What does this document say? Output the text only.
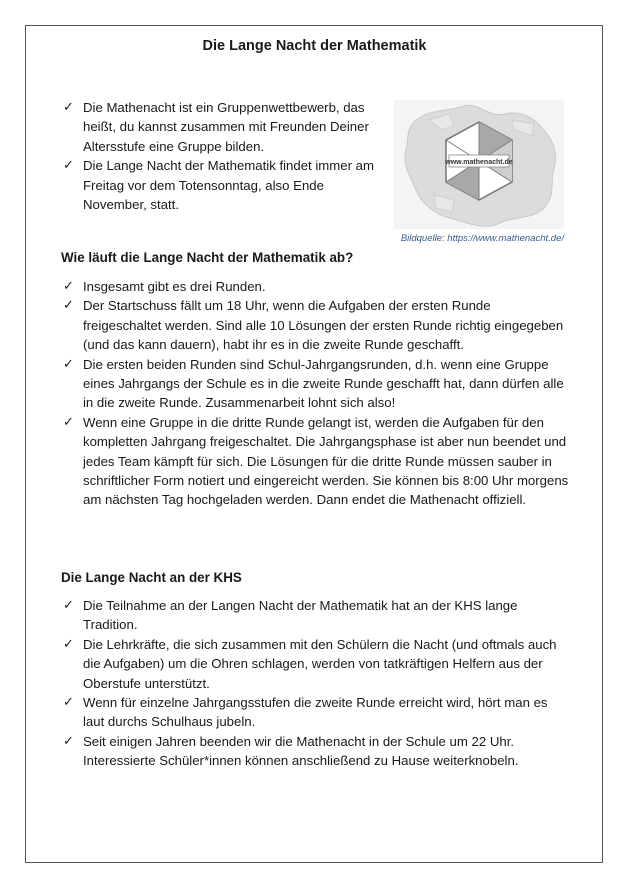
Die Lange Nacht der Mathematik
✓ Die Mathenacht ist ein Gruppenwettbewerb, das heißt, du kannst zusammen mit Freunden Deiner Altersstufe eine Gruppe bilden.
✓ Die Lange Nacht der Mathematik findet immer am Freitag vor dem Totensonntag, also Ende November, statt.
www.mathenacht.de
Bildquelle: https://www.mathenacht.de/
Wie läuft die Lange Nacht der Mathematik ab?
✓ Insgesamt gibt es drei Runden.
✓ Der Startschuss fällt um 18 Uhr, wenn die Aufgaben der ersten Runde freigeschaltet werden. Sind alle 10 Lösungen der ersten Runde richtig eingegeben (und das kann dauern), habt ihr es in die zweite Runde geschafft.
✓ Die ersten beiden Runden sind Schul-Jahrgangsrunden, d.h. wenn eine Gruppe eines Jahrgangs der Schule es in die zweite Runde geschafft hat, dann dürfen alle in die zweite Runde. Zusammenarbeit lohnt sich also!
✓ Wenn eine Gruppe in die dritte Runde gelangt ist, werden die Aufgaben für den kompletten Jahrgang freigeschaltet. Die Jahrgangsphase ist aber nun beendet und jedes Team kämpft für sich. Die Lösungen für die dritte Runde müssen sauber in schriftlicher Form notiert und eingereicht werden. Sie können bis 8:00 Uhr morgens am nächsten Tag hochgeladen werden. Dann endet die Mathenacht offiziell.
Die Lange Nacht an der KHS
✓ Die Teilnahme an der Langen Nacht der Mathematik hat an der KHS lange Tradition.
✓ Die Lehrkräfte, die sich zusammen mit den Schülern die Nacht (und oftmals auch die Aufgaben) um die Ohren schlagen, werden von tatkräftigen Helfern aus der Oberstufe unterstützt.
✓ Wenn für einzelne Jahrgangsstufen die zweite Runde erreicht wird, hört man es laut durchs Schulhaus jubeln.
✓ Seit einigen Jahren beenden wir die Mathenacht in der Schule um 22 Uhr. Interessierte Schüler*innen können anschließend zu Hause weiterknobeln.
